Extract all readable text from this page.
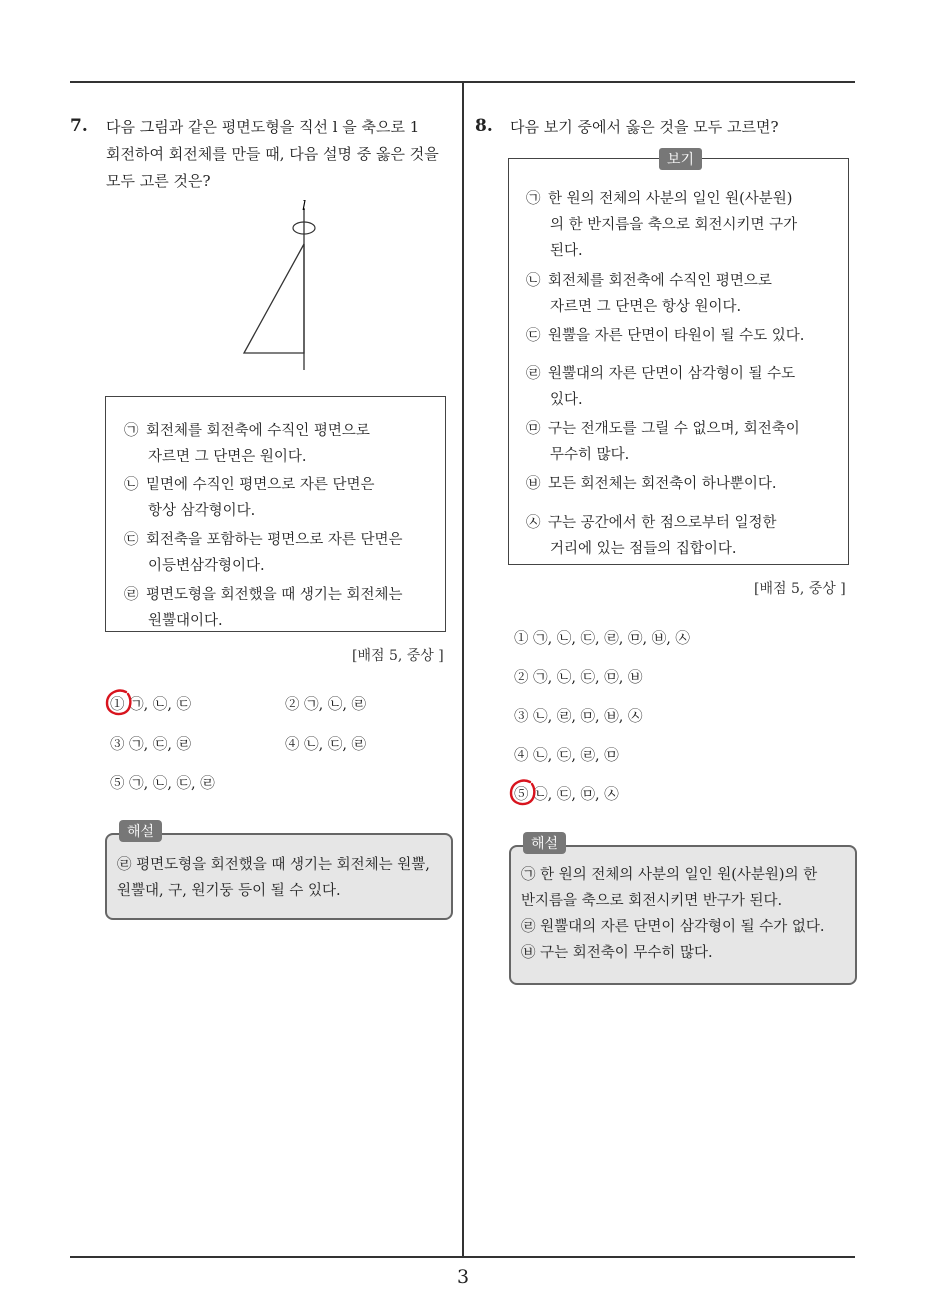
3
7. 다음 그림과 같은 평면도형을 직선 l 을 축으로 1
회전하여 회전체를 만들 때, 다음 설명 중 옳은 것을
모두 고른 것은?
l
㉠ 회전체를 회전축에 수직인 평면으로
자르면 그 단면은 원이다.
㉡ 밑면에 수직인 평면으로 자른 단면은
항상 삼각형이다.
㉢ 회전축을 포함하는 평면으로 자른 단면은
이등변삼각형이다.
㉣ 평면도형을 회전했을 때 생기는 회전체는
원뿔대이다.
[배점 5, 중상 ]
① ㉠, ㉡, ㉢	② ㉠, ㉡, ㉣
③ ㉠, ㉢, ㉣	④ ㉡, ㉢, ㉣
⑤ ㉠, ㉡, ㉢, ㉣
해설
㉣ 평면도형을 회전했을 때 생기는 회전체는 원뿔,
원뿔대, 구, 원기둥 등이 될 수 있다.
8. 다음 보기 중에서 옳은 것을 모두 고르면?
보기
㉠ 한 원의 전체의 사분의 일인 원(사분원)
의 한 반지름을 축으로 회전시키면 구가
된다.
㉡ 회전체를 회전축에 수직인 평면으로
자르면 그 단면은 항상 원이다.
㉢ 원뿔을 자른 단면이 타원이 될 수도 있다.
㉣ 원뿔대의 자른 단면이 삼각형이 될 수도
있다.
㉤ 구는 전개도를 그릴 수 없으며, 회전축이
무수히 많다.
㉥ 모든 회전체는 회전축이 하나뿐이다.
㉦ 구는 공간에서 한 점으로부터 일정한
거리에 있는 점들의 집합이다.
[배점 5, 중상 ]
① ㉠, ㉡, ㉢, ㉣, ㉤, ㉥, ㉦
② ㉠, ㉡, ㉢, ㉤, ㉥
③ ㉡, ㉣, ㉤, ㉥, ㉦
④ ㉡, ㉢, ㉣, ㉤
⑤ ㉡, ㉢, ㉤, ㉦
해설
㉠ 한 원의 전체의 사분의 일인 원(사분원)의 한
반지름을 축으로 회전시키면 반구가 된다.
㉣ 원뿔대의 자른 단면이 삼각형이 될 수가 없다.
㉥ 구는 회전축이 무수히 많다.
